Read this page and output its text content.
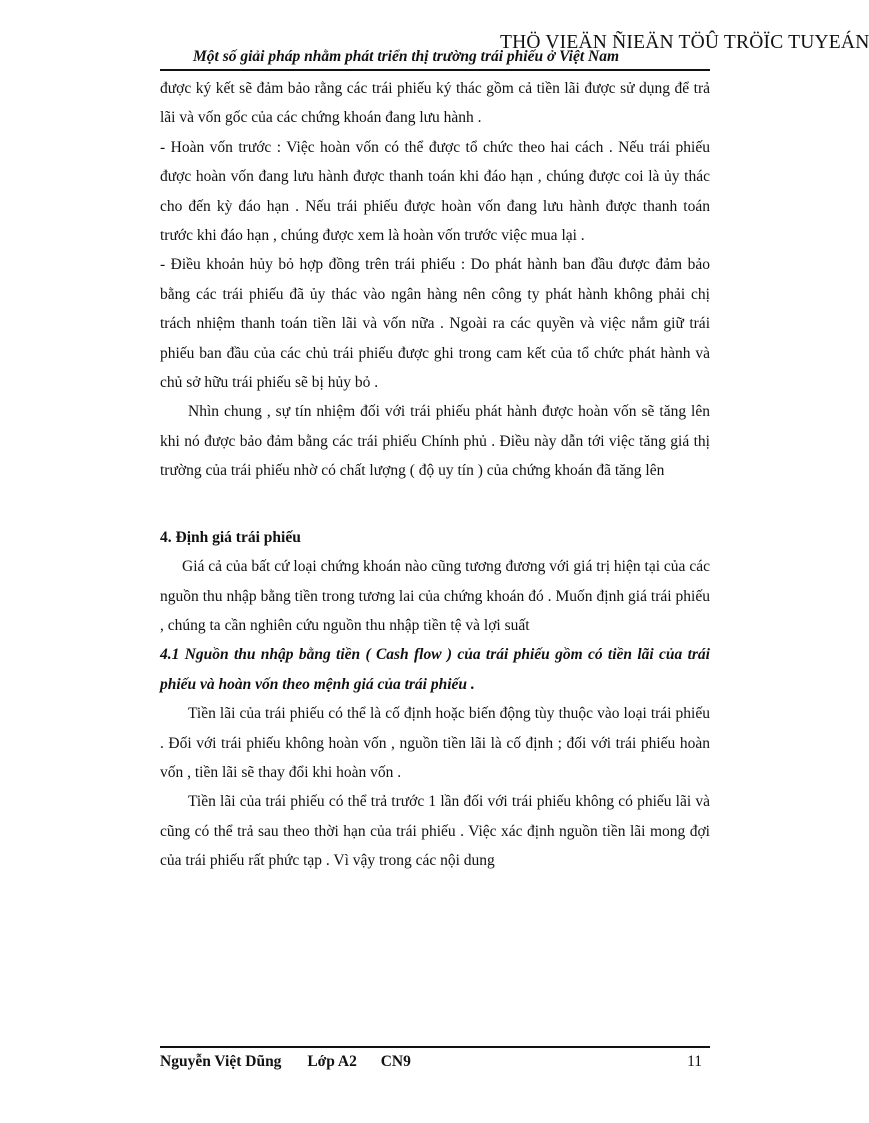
THÖ VIEÄN ÑIEÄN TÖÛ TRÖÏC TUYEÁN
Một số giải pháp nhằm phát triển thị trường trái phiếu ở Việt Nam

được ký kết sẽ đảm bảo rằng các trái phiếu ký thác gồm cả tiền lãi được sử dụng để trả lãi và vốn gốc của các chứng khoán đang lưu hành .

- Hoàn vốn trước : Việc hoàn vốn có thể được tổ chức theo hai cách . Nếu trái phiếu được hoàn vốn đang lưu hành được thanh toán khi đáo hạn , chúng được coi là ủy thác cho đến kỳ đáo hạn . Nếu trái phiếu được hoàn vốn đang lưu hành được thanh toán trước khi đáo hạn , chúng được xem là hoàn vốn trước việc mua lại .

- Điều khoản hủy bỏ hợp đồng trên trái phiếu : Do phát hành ban đầu được đảm bảo bằng các trái phiếu đã ủy thác vào ngân hàng nên công ty phát hành không phải chị trách nhiệm thanh toán tiền lãi và vốn nữa . Ngoài ra các quyền và việc nắm giữ trái phiếu ban đầu của các chủ trái phiếu được ghi trong cam kết của tổ chức phát hành và chủ sở hữu trái phiếu sẽ bị hủy bỏ .

Nhìn chung , sự tín nhiệm đối với trái phiếu phát hành được hoàn vốn sẽ tăng lên khi nó được bảo đảm bằng các trái phiếu Chính phủ . Điều này dẫn tới việc tăng giá thị trường của trái phiếu nhờ có chất lượng ( độ uy tín ) của chứng khoán đã tăng lên

4. Định giá trái phiếu

Giá cả của bất cứ loại chứng khoán nào cũng tương đương với giá trị hiện tại của các nguồn thu nhập bằng tiền trong tương lai của chứng khoán đó . Muốn định giá trái phiếu , chúng ta cần nghiên cứu nguồn thu nhập tiền tệ và lợi suất

4.1 Nguồn thu nhập bằng tiền ( Cash flow ) của trái phiếu gồm có tiền lãi của trái phiếu và hoàn vốn theo mệnh giá của trái phiếu .

Tiền lãi của trái phiếu có thể là cố định hoặc biến động tùy thuộc vào loại trái phiếu . Đối với trái phiếu không hoàn vốn , nguồn tiền lãi là cố định ; đối với trái phiếu hoàn vốn , tiền lãi sẽ thay đổi khi hoàn vốn .

Tiền lãi của trái phiếu có thể trả trước 1 lần đối với trái phiếu không có phiếu lãi và cũng có thể trả sau theo thời hạn của trái phiếu . Việc xác định nguồn tiền lãi mong đợi của trái phiếu rất phức tạp . Vì vậy trong các nội dung

Nguyễn Việt Dũng Lớp A2 CN9	11
